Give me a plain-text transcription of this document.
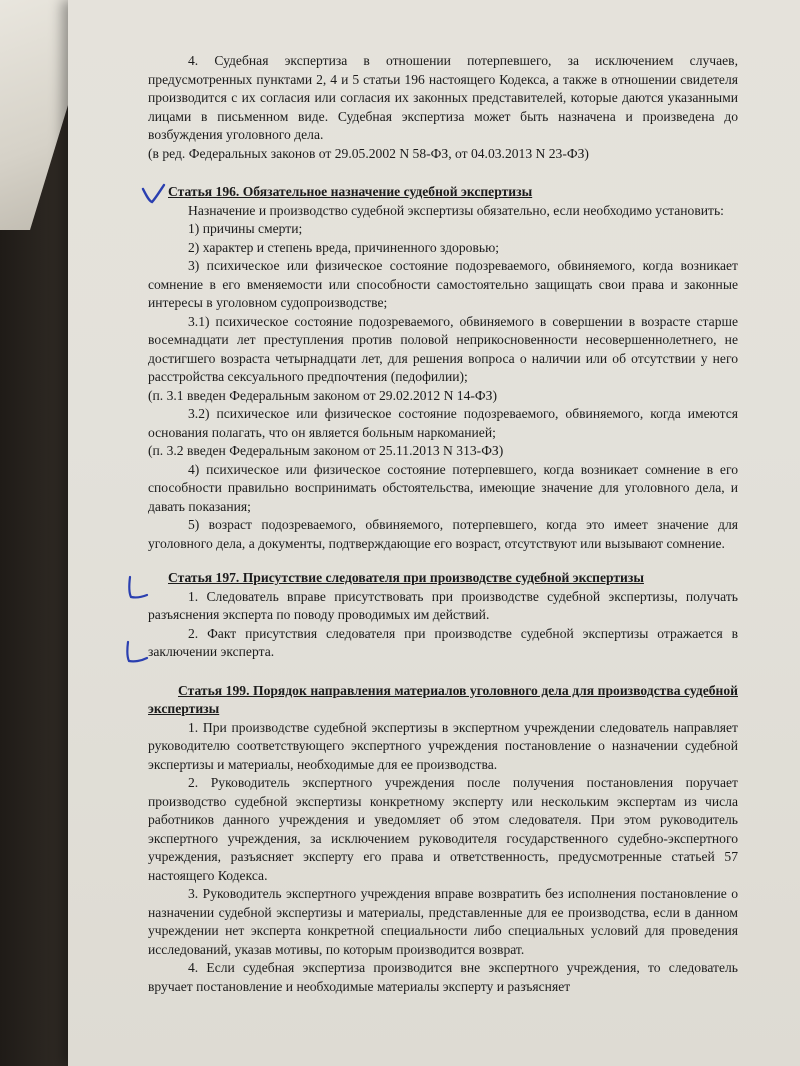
4. Судебная экспертиза в отношении потерпевшего, за исключением случаев, предусмотренных пунктами 2, 4 и 5 статьи 196 настоящего Кодекса, а также в отношении свидетеля производится с их согласия или согласия их законных представителей, которые даются указанными лицами в письменном виде. Судебная экспертиза может быть назначена и произведена до возбуждения уголовного дела.

(в ред. Федеральных законов от 29.05.2002 N 58-ФЗ, от 04.03.2013 N 23-ФЗ)

Статья 196. Обязательное назначение судебной экспертизы

Назначение и производство судебной экспертизы обязательно, если необходимо установить:

1) причины смерти;

2) характер и степень вреда, причиненного здоровью;

3) психическое или физическое состояние подозреваемого, обвиняемого, когда возникает сомнение в его вменяемости или способности самостоятельно защищать свои права и законные интересы в уголовном судопроизводстве;

3.1) психическое состояние подозреваемого, обвиняемого в совершении в возрасте старше восемнадцати лет преступления против половой неприкосновенности несовершеннолетнего, не достигшего возраста четырнадцати лет, для решения вопроса о наличии или об отсутствии у него расстройства сексуального предпочтения (педофилии);

(п. 3.1 введен Федеральным законом от 29.02.2012 N 14-ФЗ)

3.2) психическое или физическое состояние подозреваемого, обвиняемого, когда имеются основания полагать, что он является больным наркоманией;

(п. 3.2 введен Федеральным законом от 25.11.2013 N 313-ФЗ)

4) психическое или физическое состояние потерпевшего, когда возникает сомнение в его способности правильно воспринимать обстоятельства, имеющие значение для уголовного дела, и давать показания;

5) возраст подозреваемого, обвиняемого, потерпевшего, когда это имеет значение для уголовного дела, а документы, подтверждающие его возраст, отсутствуют или вызывают сомнение.

Статья 197. Присутствие следователя при производстве судебной экспертизы

1. Следователь вправе присутствовать при производстве судебной экспертизы, получать разъяснения эксперта по поводу проводимых им действий.

2. Факт присутствия следователя при производстве судебной экспертизы отражается в заключении эксперта.

Статья 199. Порядок направления материалов уголовного дела для производства судебной экспертизы

1. При производстве судебной экспертизы в экспертном учреждении следователь направляет руководителю соответствующего экспертного учреждения постановление о назначении судебной экспертизы и материалы, необходимые для ее производства.

2. Руководитель экспертного учреждения после получения постановления поручает производство судебной экспертизы конкретному эксперту или нескольким экспертам из числа работников данного учреждения и уведомляет об этом следователя. При этом руководитель экспертного учреждения, за исключением руководителя государственного судебно-экспертного учреждения, разъясняет эксперту его права и ответственность, предусмотренные статьей 57 настоящего Кодекса.

3. Руководитель экспертного учреждения вправе возвратить без исполнения постановление о назначении судебной экспертизы и материалы, представленные для ее производства, если в данном учреждении нет эксперта конкретной специальности либо специальных условий для проведения исследований, указав мотивы, по которым производится возврат.

4. Если судебная экспертиза производится вне экспертного учреждения, то следователь вручает постановление и необходимые материалы эксперту и разъясняет
